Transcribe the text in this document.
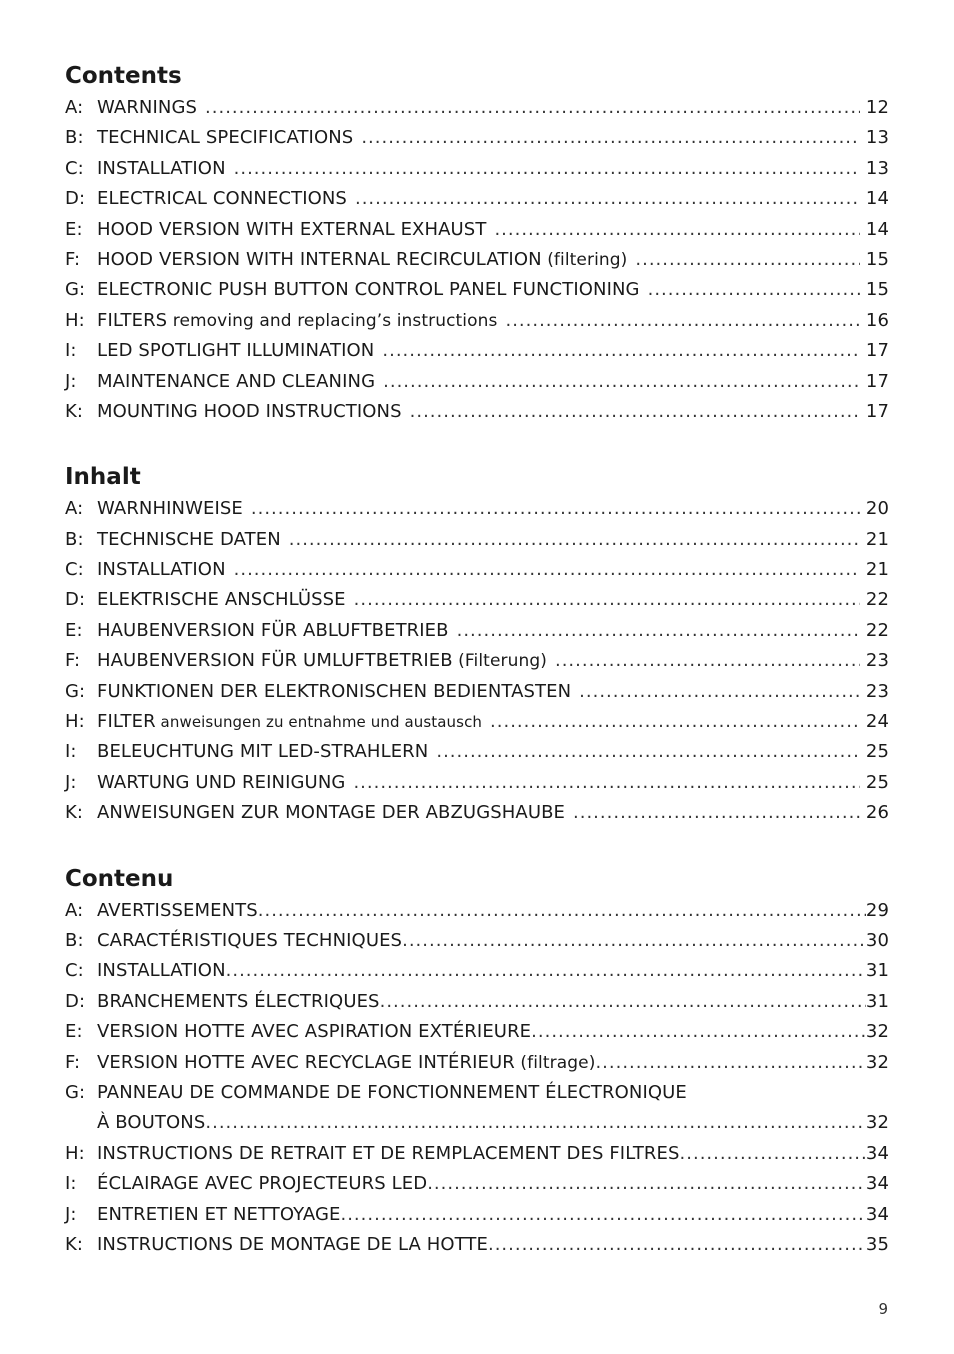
Contents
A: WARNINGS .....	12
B: TECHNICAL SPECIFICATIONS .....	13
C: INSTALLATION .....	13
D: ELECTRICAL CONNECTIONS .....	14
E: HOOD VERSION WITH EXTERNAL EXHAUST .....	14
F: HOOD VERSION WITH INTERNAL RECIRCULATION (filtering) .....	15
G: ELECTRONIC PUSH BUTTON CONTROL PANEL FUNCTIONING .....	15
H: FILTERS removing and replacing’s instructions .....	16
I:	LED SPOTLIGHT ILLUMINATION .....	17
J:	MAINTENANCE AND CLEANING .....	17
K: MOUNTING HOOD INSTRUCTIONS .....	17
Inhalt
A: WARNHINWEISE .....	20
B: TECHNISCHE DATEN .....	21
C: INSTALLATION .....	21
D: ELEKTRISCHE ANSCHLÜSSE .....	22
E: HAUBENVERSION FÜR ABLUFTBETRIEB .....	22
F: HAUBENVERSION FÜR UMLUFTBETRIEB (Filterung) .....	23
G: FUNKTIONEN DER ELEKTRONISCHEN BEDIENTASTEN .....	23
H: FILTER anweisungen zu entnahme und austausch .....	24
I:	BELEUCHTUNG MIT LED-STRAHLERN .....	25
J:	WARTUNG UND REINIGUNG .....	25
K: ANWEISUNGEN ZUR MONTAGE DER ABZUGSHAUBE .....	26
Contenu
A: AVERTISSEMENTS .....	29
B: CARACTÉRISTIQUES TECHNIQUES .....	30
C: INSTALLATION .....	31
D: BRANCHEMENTS ÉLECTRIQUES .....	31
E: VERSION HOTTE AVEC ASPIRATION EXTÉRIEURE .....	32
F: VERSION HOTTE AVEC RECYCLAGE INTÉRIEUR (filtrage) .....	32
G: PANNEAU DE COMMANDE DE FONCTIONNEMENT ÉLECTRONIQUE
À BOUTONS .....	32
H: INSTRUCTIONS DE RETRAIT ET DE REMPLACEMENT DES FILTRES .....	34
I:	ÉCLAIRAGE AVEC PROJECTEURS LED .....	34
J:	ENTRETIEN ET NETTOYAGE .....	34
K: INSTRUCTIONS DE MONTAGE DE LA HOTTE .....	35
9
